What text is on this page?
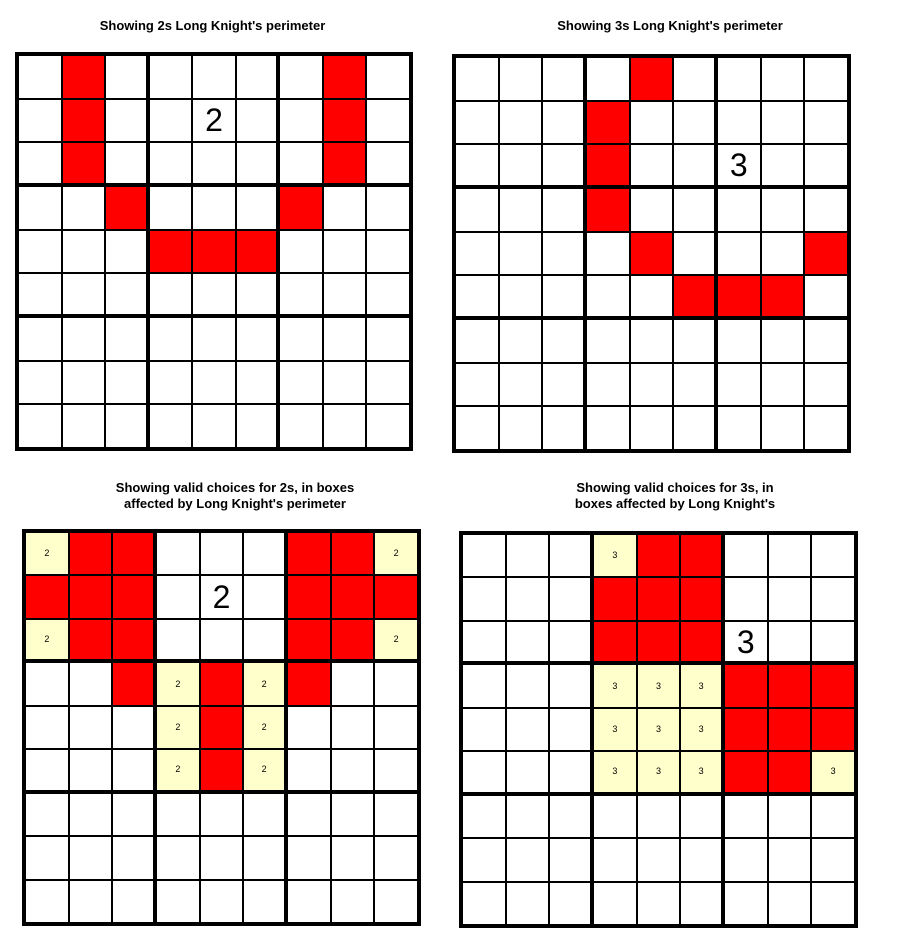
Showing 2s Long Knight's perimeter	Showing 3s Long Knight's perimeter
Showing valid choices for 2s, in boxes
affected by Long Knight's perimeter
Showing valid choices for 3s, in
boxes affected by Long Knight's
2
3
2	2
2
2	2
2	2
2	2
2	2
3
3
3	3	3
3	3	3
3	3	3	3
